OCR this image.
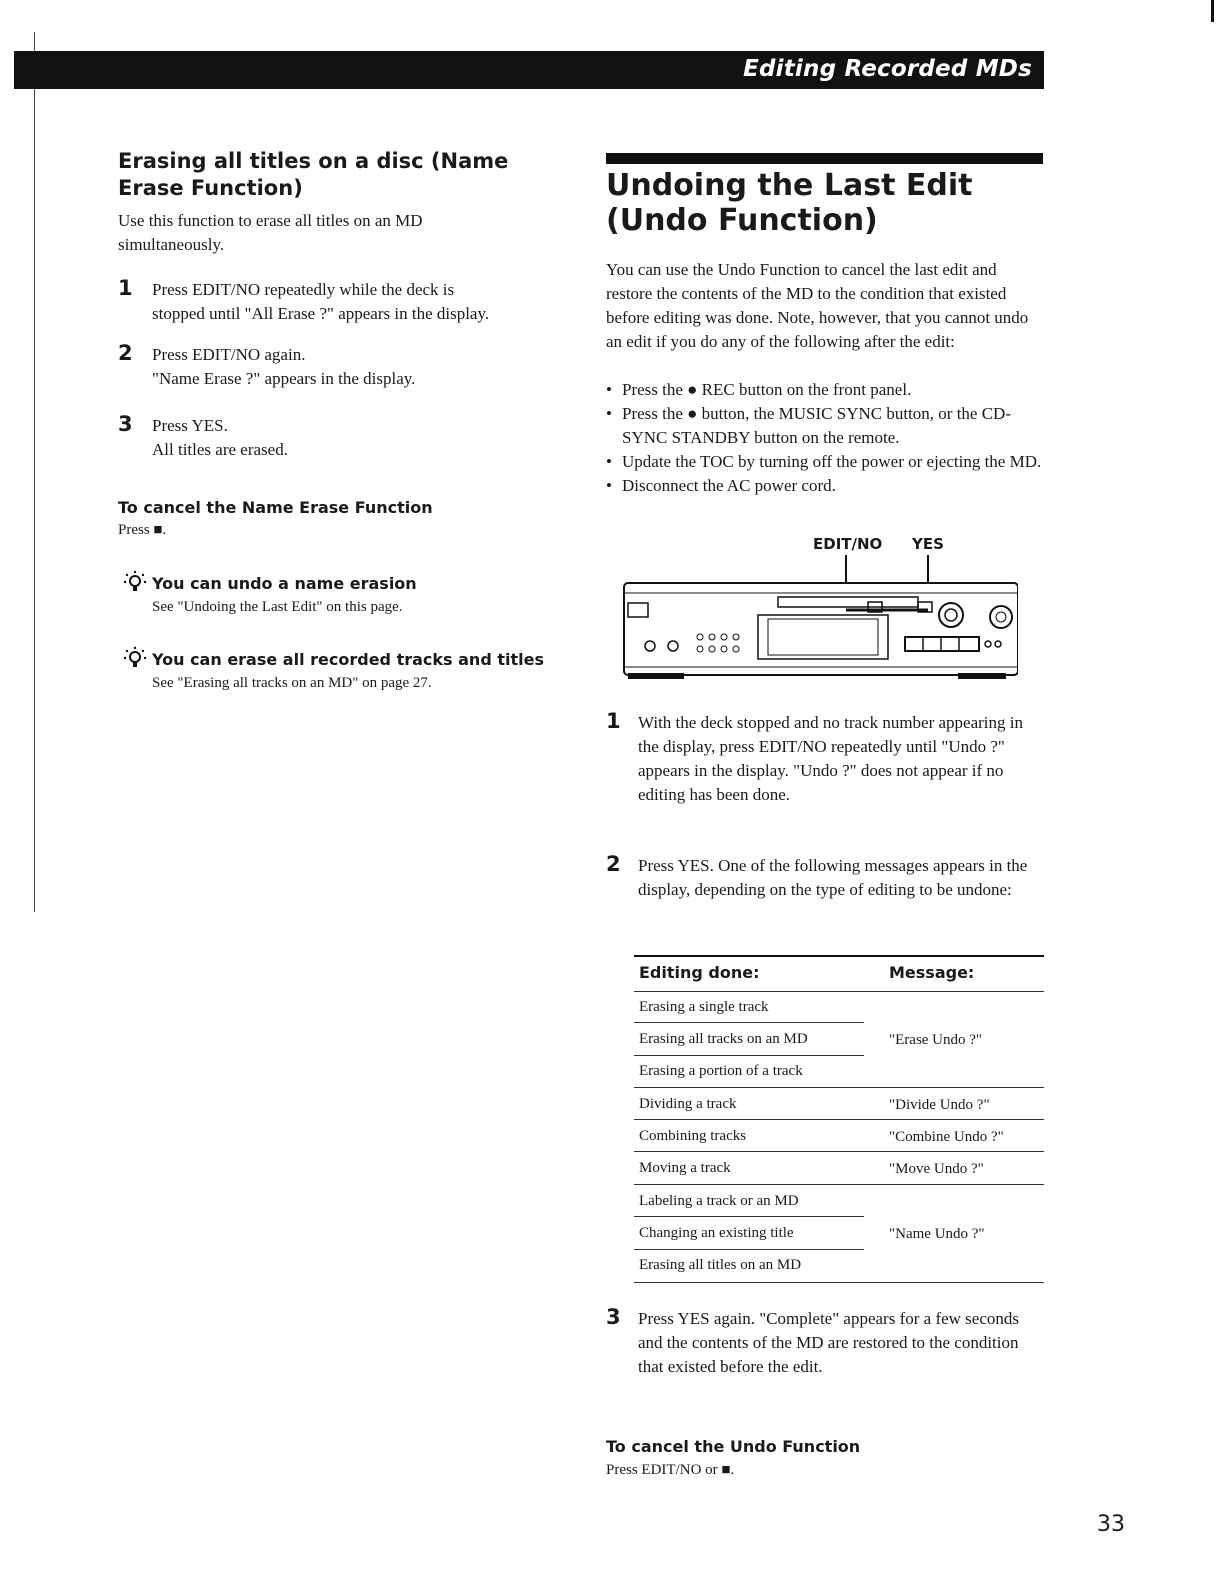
Editing Recorded MDs
Erasing all titles on a disc (Name Erase Function)
Use this function to erase all titles on an MD simultaneously.
1 Press EDIT/NO repeatedly while the deck is
stopped until "All Erase ?" appears in the display.
2 Press EDIT/NO again.
"Name Erase ?" appears in the display.
3 Press YES.
All titles are erased.
To cancel the Name Erase Function
Press ■.
You can undo a name erasion
See "Undoing the Last Edit" on this page.
You can erase all recorded tracks and titles
See "Erasing all tracks on an MD" on page 27.
Undoing the Last Edit
(Undo Function)
You can use the Undo Function to cancel the last edit and restore the contents of the MD to the condition that existed before editing was done. Note, however, that you cannot undo an edit if you do any of the following after the edit:
• Press the ● REC button on the front panel.
• Press the ● button, the MUSIC SYNC button, or the CD-SYNC STANDBY button on the remote.
• Update the TOC by turning off the power or ejecting the MD.
• Disconnect the AC power cord.
EDIT/NO YES
1 With the deck stopped and no track number appearing in the display, press EDIT/NO repeatedly until "Undo ?" appears in the display. "Undo ?" does not appear if no editing has been done.
2 Press YES. One of the following messages appears in the display, depending on the type of editing to be undone:
Editing done:	Message:
Erasing a single track
Erasing all tracks on an MD	"Erase Undo ?"
Erasing a portion of a track
Dividing a track	"Divide Undo ?"
Combining tracks	"Combine Undo ?"
Moving a track	"Move Undo ?"
Labeling a track or an MD
Changing an existing title	"Name Undo ?"
Erasing all titles on an MD
3 Press YES again. "Complete" appears for a few seconds and the contents of the MD are restored to the condition that existed before the edit.
To cancel the Undo Function
Press EDIT/NO or ■.
33
